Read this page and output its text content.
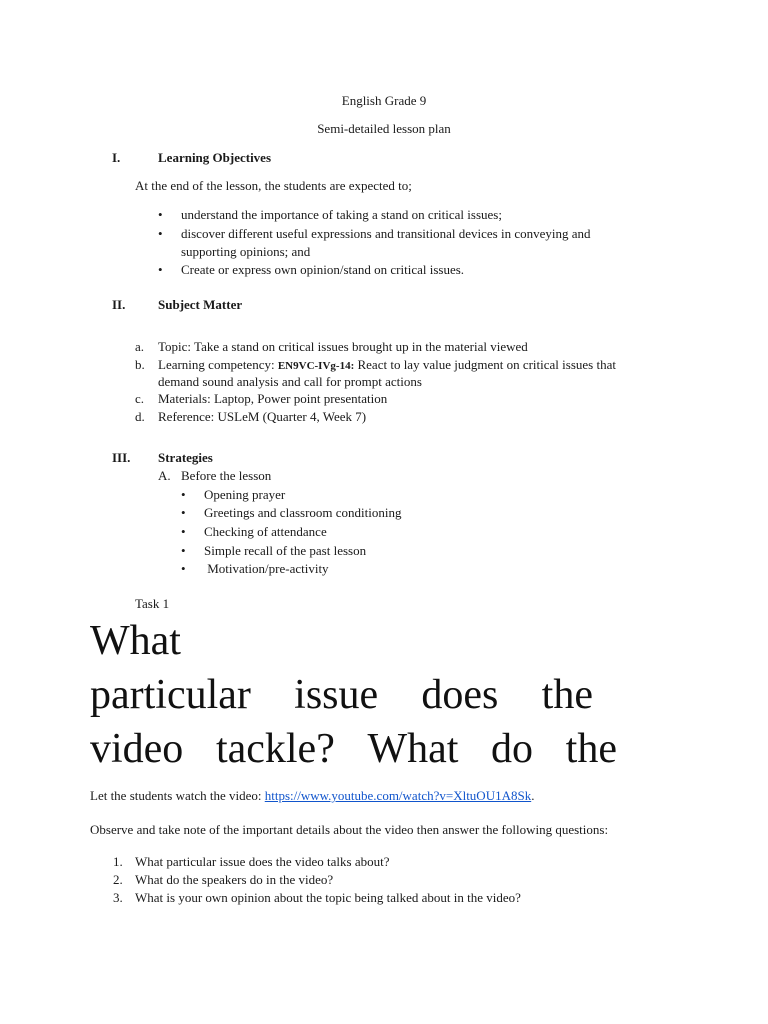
English Grade 9
Semi-detailed lesson plan
I.	Learning Objectives
At the end of the lesson, the students are expected to;
• understand the importance of taking a stand on critical issues;
• discover different useful expressions and transitional devices in conveying and
supporting opinions; and
• Create or express own opinion/stand on critical issues.
II.	Subject Matter
a. Topic: Take a stand on critical issues brought up in the material viewed
b. Learning competency: EN9VC-IVg-14: React to lay value judgment on critical issues that
demand sound analysis and call for prompt actions
c. Materials: Laptop, Power point presentation
d. Reference: USLeM (Quarter 4, Week 7)
III. Strategies
A. Before the lesson
• Opening prayer
• Greetings and classroom conditioning
• Checking of attendance
• Simple recall of the past lesson
• Motivation/pre-activity
Task 1
What
particular issue does the
video tackle? What do the
Let the students watch the video: https://www.youtube.com/watch?v=XltuOU1A8Sk.
Observe and take note of the important details about the video then answer the following questions:
1. What particular issue does the video talks about?
2. What do the speakers do in the video?
3. What is your own opinion about the topic being talked about in the video?
